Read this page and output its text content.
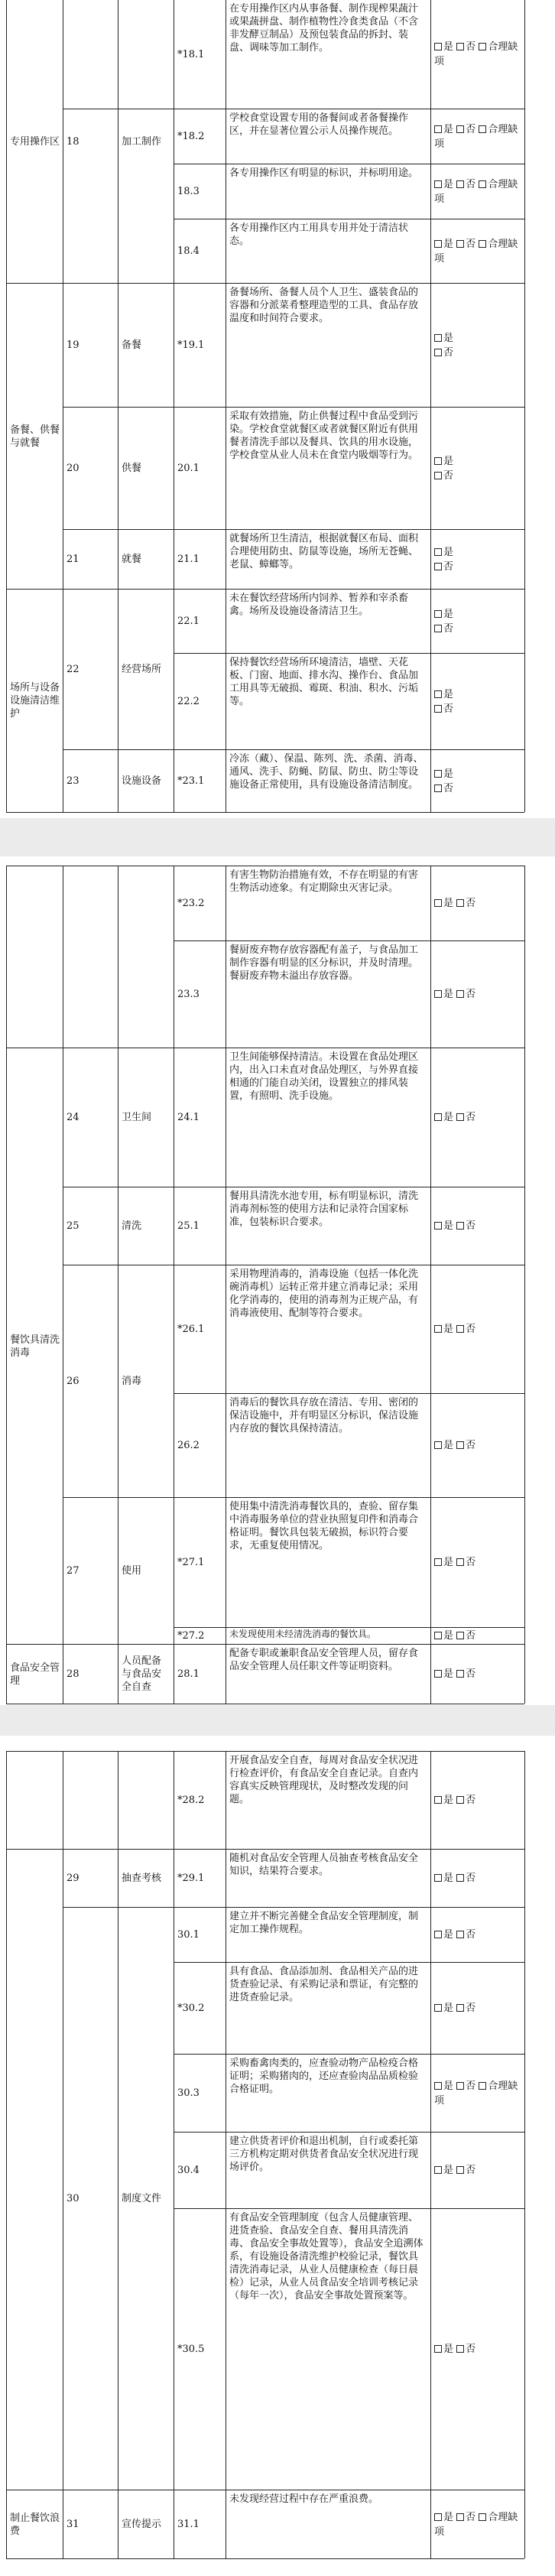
专用操作区
备餐、供餐与就餐
场所与设备设施清洁维护
18
19
20
21
22
23
加工制作
备餐
供餐
就餐
经营场所
设施设备
*18.1
*18.2
18.3
18.4
*19.1
20.1
21.1
22.1
22.2
*23.1
在专用操作区内从事备餐、制作现榨果蔬汁或果蔬拼盘、制作植物性冷食类食品（不含非发酵豆制品）及预包装食品的拆封、装盘、调味等加工制作。
学校食堂设置专用的备餐间或者备餐操作区，并在显著位置公示人员操作规范。
各专用操作区有明显的标识，并标明用途。
各专用操作区内工用具专用并处于清洁状态。
备餐场所、备餐人员个人卫生、盛装食品的容器和分派菜肴整理造型的工具、食品存放温度和时间符合要求。
采取有效措施，防止供餐过程中食品受到污染。学校食堂就餐区或者就餐区附近有供用餐者清洗手部以及餐具、饮具的用水设施，学校食堂从业人员未在食堂内吸烟等行为。
就餐场所卫生清洁，根据就餐区布局、面积合理使用防虫、防鼠等设施，场所无苍蝇、老鼠、蟑螂等。
未在餐饮经营场所内饲养、暂养和宰杀畜禽。场所及设施设备清洁卫生。
保持餐饮经营场所环境清洁，墙壁、天花板、门窗、地面、排水沟、操作台、食品加工用具等无破损、霉斑、积油、积水、污垢等。
冷冻（藏）、保温、陈列、洗、杀菌、消毒、通风、洗手、防蝇、防鼠、防虫、防尘等设施设备正常使用，具有设施设备清洁制度。
是 否 合理缺项
是 否 合理缺项
是 否 合理缺项
是 否 合理缺项
是
否
是
否
是
否
是
否
是
否
是
否
餐饮具清洗消毒
食品安全管理
24
25
26
27
28
卫生间
清洗
消毒
使用
人员配备与食品安全自查
*23.2
23.3
24.1
25.1
*26.1
26.2
*27.1
*27.2
28.1
有害生物防治措施有效，不存在明显的有害生物活动迹象。有定期除虫灭害记录。
餐厨废弃物存放容器配有盖子，与食品加工制作容器有明显的区分标识，并及时清理。餐厨废弃物未溢出存放容器。
卫生间能够保持清洁。未设置在食品处理区内，出入口未直对食品处理区，与外界直接相通的门能自动关闭，设置独立的排风装置，有照明、洗手设施。
餐用具清洗水池专用，标有明显标识，清洗消毒剂标签的使用方法和记录符合国家标准，包装标识合要求。
采用物理消毒的，消毒设施（包括一体化洗碗消毒机）运转正常并建立消毒记录；采用化学消毒的，使用的消毒剂为正规产品，有消毒液使用、配制等符合要求。
消毒后的餐饮具存放在清洁、专用、密闭的保洁设施中，并有明显区分标识，保洁设施内存放的餐饮具保持清洁。
使用集中清洗消毒餐饮具的，查验、留存集中消毒服务单位的营业执照复印件和消毒合格证明。餐饮具包装无破损，标识符合要求，无重复使用情况。
未发现使用未经清洗消毒的餐饮具。
配备专职或兼职食品安全管理人员，留存食品安全管理人员任职文件等证明资料。
是 否
是 否
是 否
是 否
是 否
是 否
是 否
是 否
是 否
制止餐饮浪费
29
30
31
抽查考核
制度文件
宣传提示
*28.2
*29.1
30.1
*30.2
30.3
30.4
*30.5
31.1
开展食品安全自查，每周对食品安全状况进行检查评价，有食品安全自查记录。自查内容真实反映管理现状，及时整改发现的问题。
随机对食品安全管理人员抽查考核食品安全知识，结果符合要求。
建立并不断完善健全食品安全管理制度，制定加工操作规程。
具有食品、食品添加剂、食品相关产品的进货查验记录、有采购记录和票证，有完整的进货查验记录。
采购畜禽肉类的，应查验动物产品检疫合格证明；采购猪肉的，还应查验肉品品质检验合格证明。
建立供货者评价和退出机制，自行或委托第三方机构定期对供货者食品安全状况进行现场评价。
有食品安全管理制度（包含人员健康管理、进货查验、食品安全自查、餐用具清洗消毒、食品安全事故处置等），食品安全追溯体系，有设施设备清洗维护校验记录，餐饮具清洗消毒记录，从业人员健康检查（每日晨检）记录，从业人员食品安全培训考核记录（每年一次），食品安全事故处置预案等。
未发现经营过程中存在严重浪费。
是 否
是 否
是 否
是 否
是 否 合理缺项
是 否
是 否
是 否 合理缺项
